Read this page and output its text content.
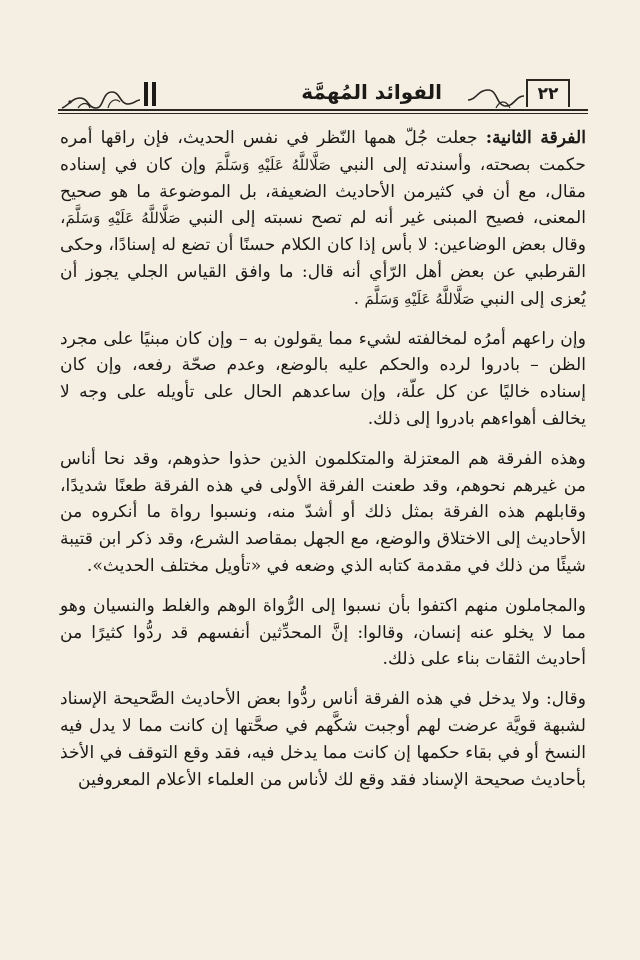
الفوائد المُهمَّة	٢٢

الفرقة الثانية: جعلت جُلّ همها النّظر في نفس الحديث، فإن راقها أمره حكمت بصحته، وأسندته إلى النبي صَلَّاللَّهُ عَلَيْهِ وَسَلَّمَ وإن كان في إسناده مقال، مع أن في كثيرمن الأحاديث الضعيفة، بل الموضوعة ما هو صحيح المعنى، فصيح المبنى غير أنه لم تصح نسبته إلى النبي صَلَّاللَّهُ عَلَيْهِ وَسَلَّمَ، وقال بعض الوضاعين: لا بأس إذا كان الكلام حسنًا أن تضع له إسنادًا، وحكى القرطبي عن بعض أهل الرّأي أنه قال: ما وافق القياس الجلي يجوز أن يُعزى إلى النبي صَلَّاللَّهُ عَلَيْهِ وَسَلَّمَ .

وإن راعهم أمرُه لمخالفته لشيء مما يقولون به – وإن كان مبنيًا على مجرد الظن – بادروا لرده والحكم عليه بالوضع، وعدم صحّة رفعه، وإن كان إسناده خاليًا عن كل علّة، وإن ساعدهم الحال على تأويله على وجه لا يخالف أهواءهم بادروا إلى ذلك.

وهذه الفرقة هم المعتزلة والمتكلمون الذين حذوا حذوهم، وقد نحا أناس من غيرهم نحوهم، وقد طعنت الفرقة الأولى في هذه الفرقة طعنًا شديدًا، وقابلهم هذه الفرقة بمثل ذلك أو أشدّ منه، ونسبوا رواة ما أنكروه من الأحاديث إلى الاختلاق والوضع، مع الجهل بمقاصد الشرع، وقد ذكر ابن قتيبة شيئًا من ذلك في مقدمة كتابه الذي وضعه في «تأويل مختلف الحديث».

والمجاملون منهم اكتفوا بأن نسبوا إلى الرُّواة الوهم والغلط والنسيان وهو مما لا يخلو عنه إنسان، وقالوا: إنَّ المحدِّثين أنفسهم قد ردُّوا كثيرًا من أحاديث الثقات بناء على ذلك.

وقال: ولا يدخل في هذه الفرقة أناس ردُّوا بعض الأحاديث الصَّحيحة الإسناد لشبهة قويَّة عرضت لهم أوجبت شكَّهم في صحَّتها إن كانت مما لا يدل فيه النسخ أو في بقاء حكمها إن كانت مما يدخل فيه، فقد وقع التوقف في الأخذ بأحاديث صحيحة الإسناد فقد وقع لك لأناس من العلماء الأعلام المعروفين
